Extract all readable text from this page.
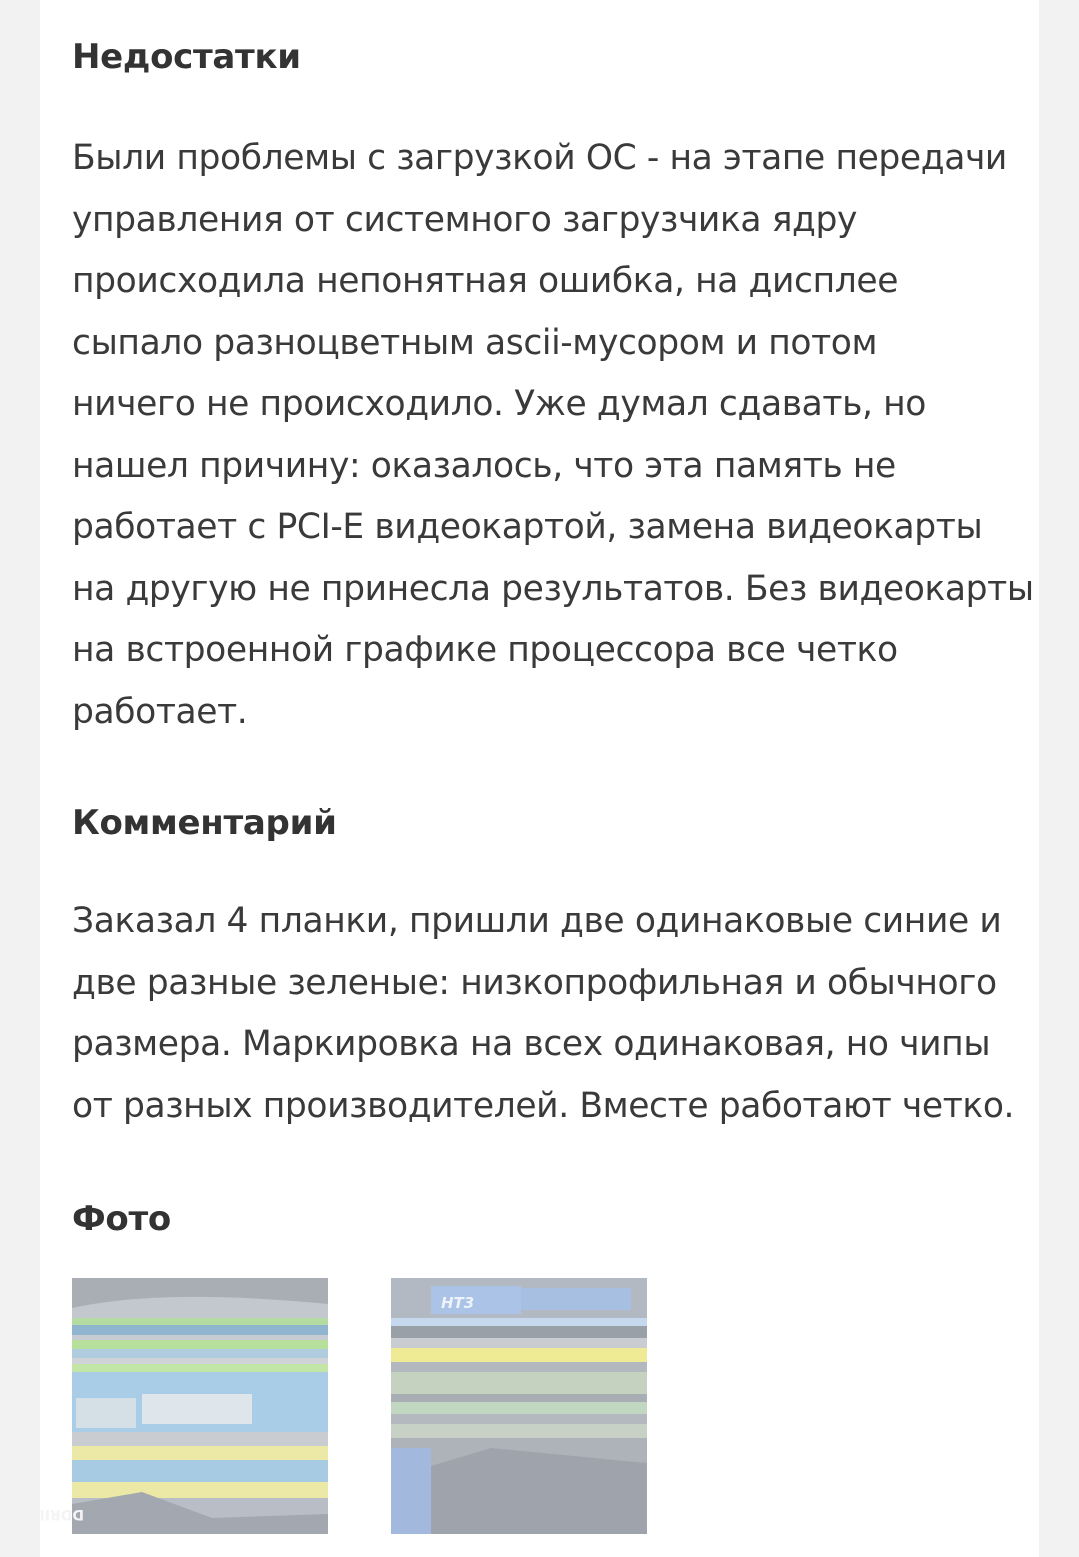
Недостатки
Были проблемы с загрузкой ОС - на этапе передачи
управления от системного загрузчика ядру
происходила непонятная ошибка, на дисплее
сыпало разноцветным ascii-мусором и потом
ничего не происходило. Уже думал сдавать, но
нашел причину: оказалось, что эта память не
работает с PCI-E видеокартой, замена видеокарты
на другую не принесла результатов. Без видеокарты
на встроенной графике процессора все четко
работает.
Комментарий
Заказал 4 планки, пришли две одинаковые синие и
две разные зеленые: низкопрофильная и обычного
размера. Маркировка на всех одинаковая, но чипы
от разных производителей. Вместе работают четко.
Фото
DDRII
HT3
